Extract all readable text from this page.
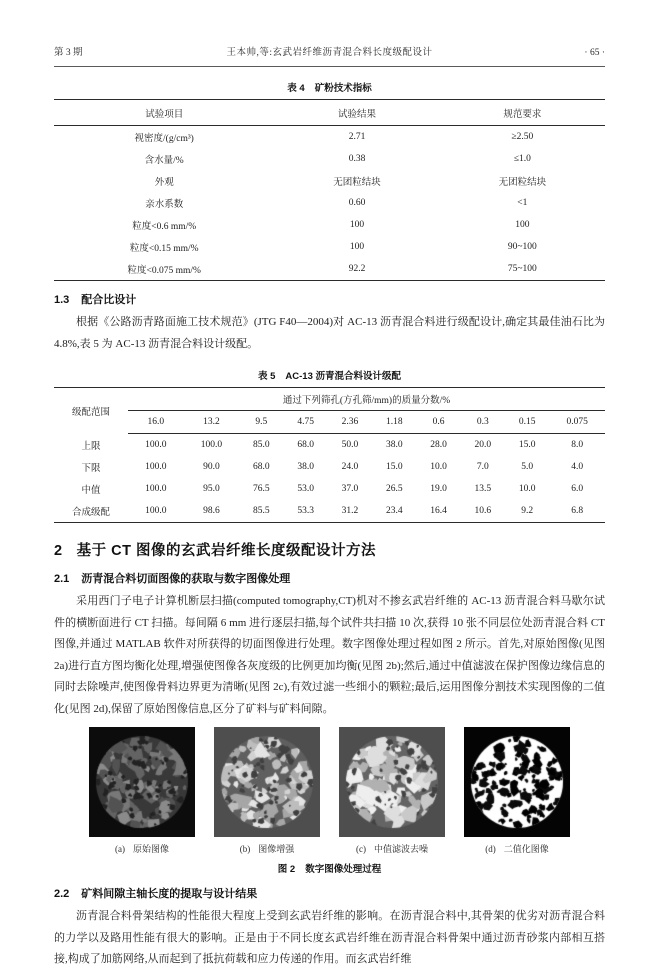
第 3 期	王本帅,等:玄武岩纤维沥青混合料长度级配设计	· 65 ·
表 4 矿粉技术指标
试验项目	试验结果	规范要求
视密度/(g/cm³)	2.71	≥2.50
含水量/%	0.38	≤1.0
外观	无团粒结块	无团粒结块
亲水系数	0.60	<1
粒度<0.6 mm/%	100	100
粒度<0.15 mm/%	100	90~100
粒度<0.075 mm/%	92.2	75~100
1.3 配合比设计

根据《公路沥青路面施工技术规范》(JTG F40—2004)对 AC-13 沥青混合料进行级配设计,确定其最佳油石比为 4.8%,表 5 为 AC-13 沥青混合料设计级配。

表 5 AC-13 沥青混合料设计级配
级配范围	通过下列筛孔(方孔筛/mm)的质量分数/%									
	16.0	13.2	9.5	4.75	2.36	1.18	0.6	0.3	0.15	0.075
上限	100.0	100.0	85.0	68.0	50.0	38.0	28.0	20.0	15.0	8.0
下限	100.0	90.0	68.0	38.0	24.0	15.0	10.0	7.0	5.0	4.0
中值	100.0	95.0	76.5	53.0	37.0	26.5	19.0	13.5	10.0	6.0
合成级配	100.0	98.6	85.5	53.3	31.2	23.4	16.4	10.6	9.2	6.8
2 基于 CT 图像的玄武岩纤维长度级配设计方法
2.1 沥青混合料切面图像的获取与数字图像处理

采用西门子电子计算机断层扫描(computed tomography,CT)机对不掺玄武岩纤维的 AC-13 沥青混合料马歇尔试件的横断面进行 CT 扫描。每间隔 6 mm 进行逐层扫描,每个试件共扫描 10 次,获得 10 张不同层位处沥青混合料 CT 图像,并通过 MATLAB 软件对所获得的切面图像进行处理。数字图像处理过程如图 2 所示。首先,对原始图像(见图 2a)进行直方图均衡化处理,增强使图像各灰度级的比例更加均衡(见图 2b);然后,通过中值滤波在保护图像边缘信息的同时去除噪声,使图像骨料边界更为清晰(见图 2c),有效过滤一些细小的颗粒;最后,运用图像分割技术实现图像的二值化(见图 2d),保留了原始图像信息,区分了矿料与矿料间隙。

(a) 原始图像	(b) 图像增强	(c) 中值滤波去噪	(d) 二值化图像
图 2 数字图像处理过程
2.2 矿料间隙主轴长度的提取与设计结果

沥青混合料骨架结构的性能很大程度上受到玄武岩纤维的影响。在沥青混合料中,其骨架的优劣对沥青混合料的力学以及路用性能有很大的影响。正是由于不同长度玄武岩纤维在沥青混合料骨架中通过沥青砂浆内部相互搭接,构成了加筋网络,从而起到了抵抗荷载和应力传递的作用。而玄武岩纤维
